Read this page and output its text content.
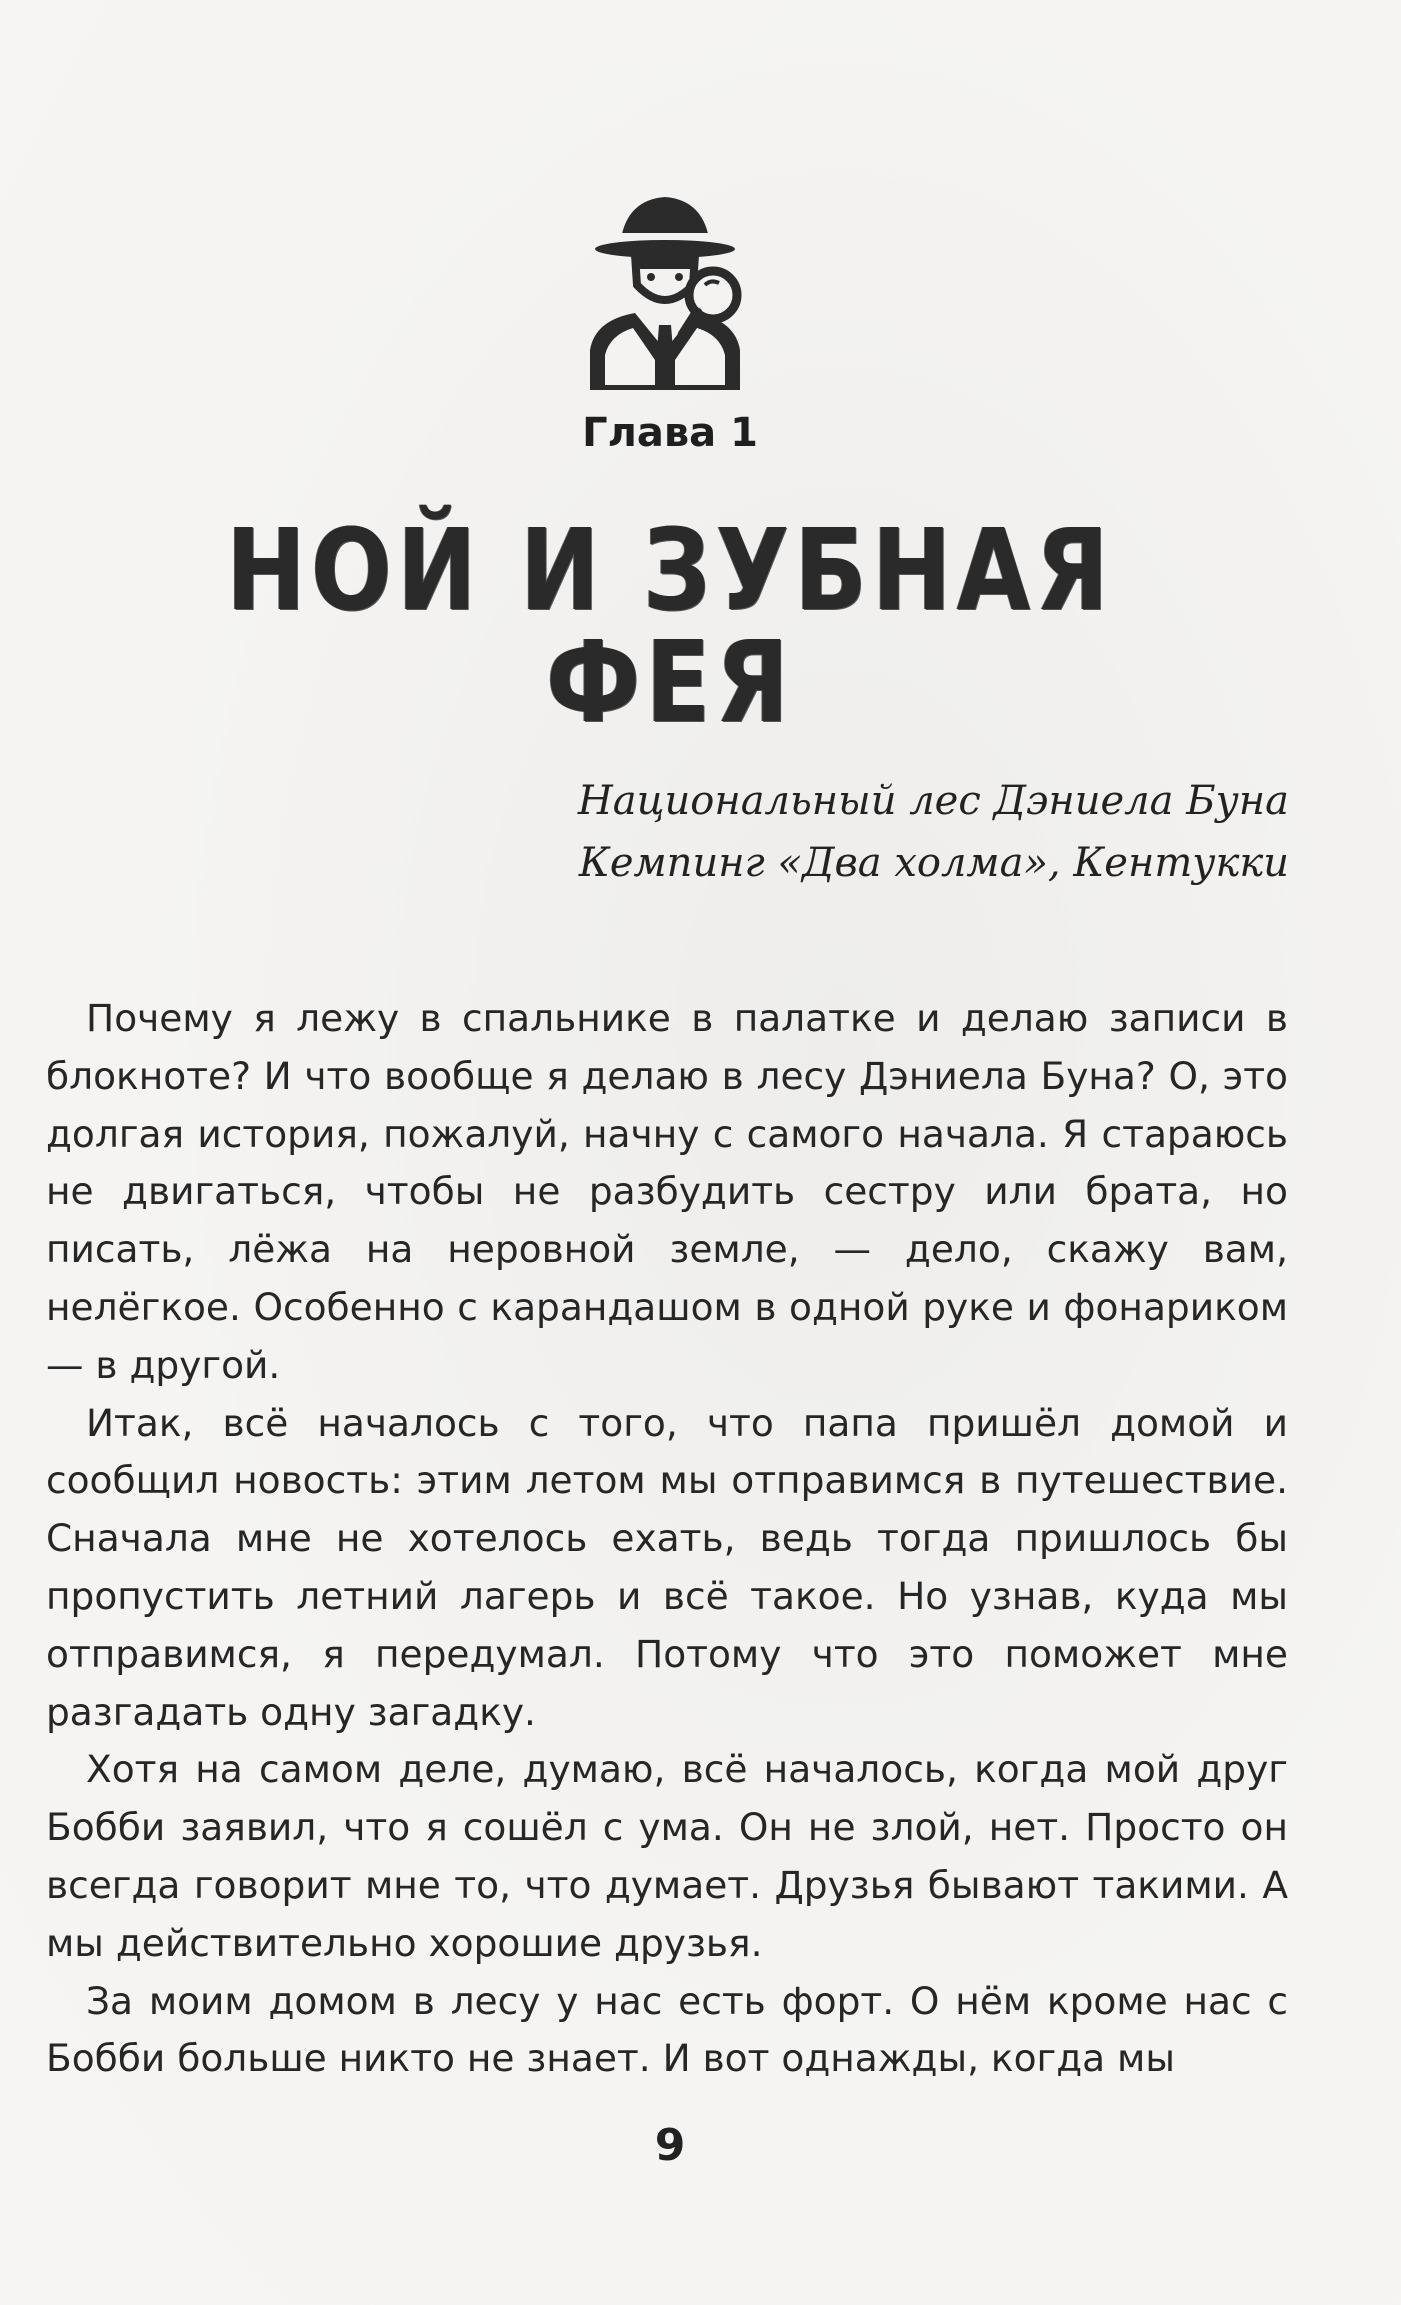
Глава 1
НОЙ И ЗУБНАЯ ФЕЯ
Национальный лес Дэниела Буна
Кемпинг «Два холма», Кентукки

Почему я лежу в спальнике в палатке и делаю записи в блокноте? И что вообще я делаю в лесу Дэниела Буна? О, это долгая история, пожалуй, начну с самого начала. Я стараюсь не двигаться, чтобы не разбудить сестру или брата, но писать, лёжа на неровной земле, — дело, скажу вам, нелёгкое. Особенно с карандашом в одной руке и фонариком — в другой.

Итак, всё началось с того, что папа пришёл домой и сообщил новость: этим летом мы отправимся в путешествие. Сначала мне не хотелось ехать, ведь тогда пришлось бы пропустить летний лагерь и всё такое. Но узнав, куда мы отправимся, я передумал. Потому что это поможет мне разгадать одну загадку.

Хотя на самом деле, думаю, всё началось, когда мой друг Бобби заявил, что я сошёл с ума. Он не злой, нет. Просто он всегда говорит мне то, что думает. Друзья бывают такими. А мы действительно хорошие друзья.

За моим домом в лесу у нас есть форт. О нём кроме нас с Бобби больше никто не знает. И вот однажды, когда мы

9
